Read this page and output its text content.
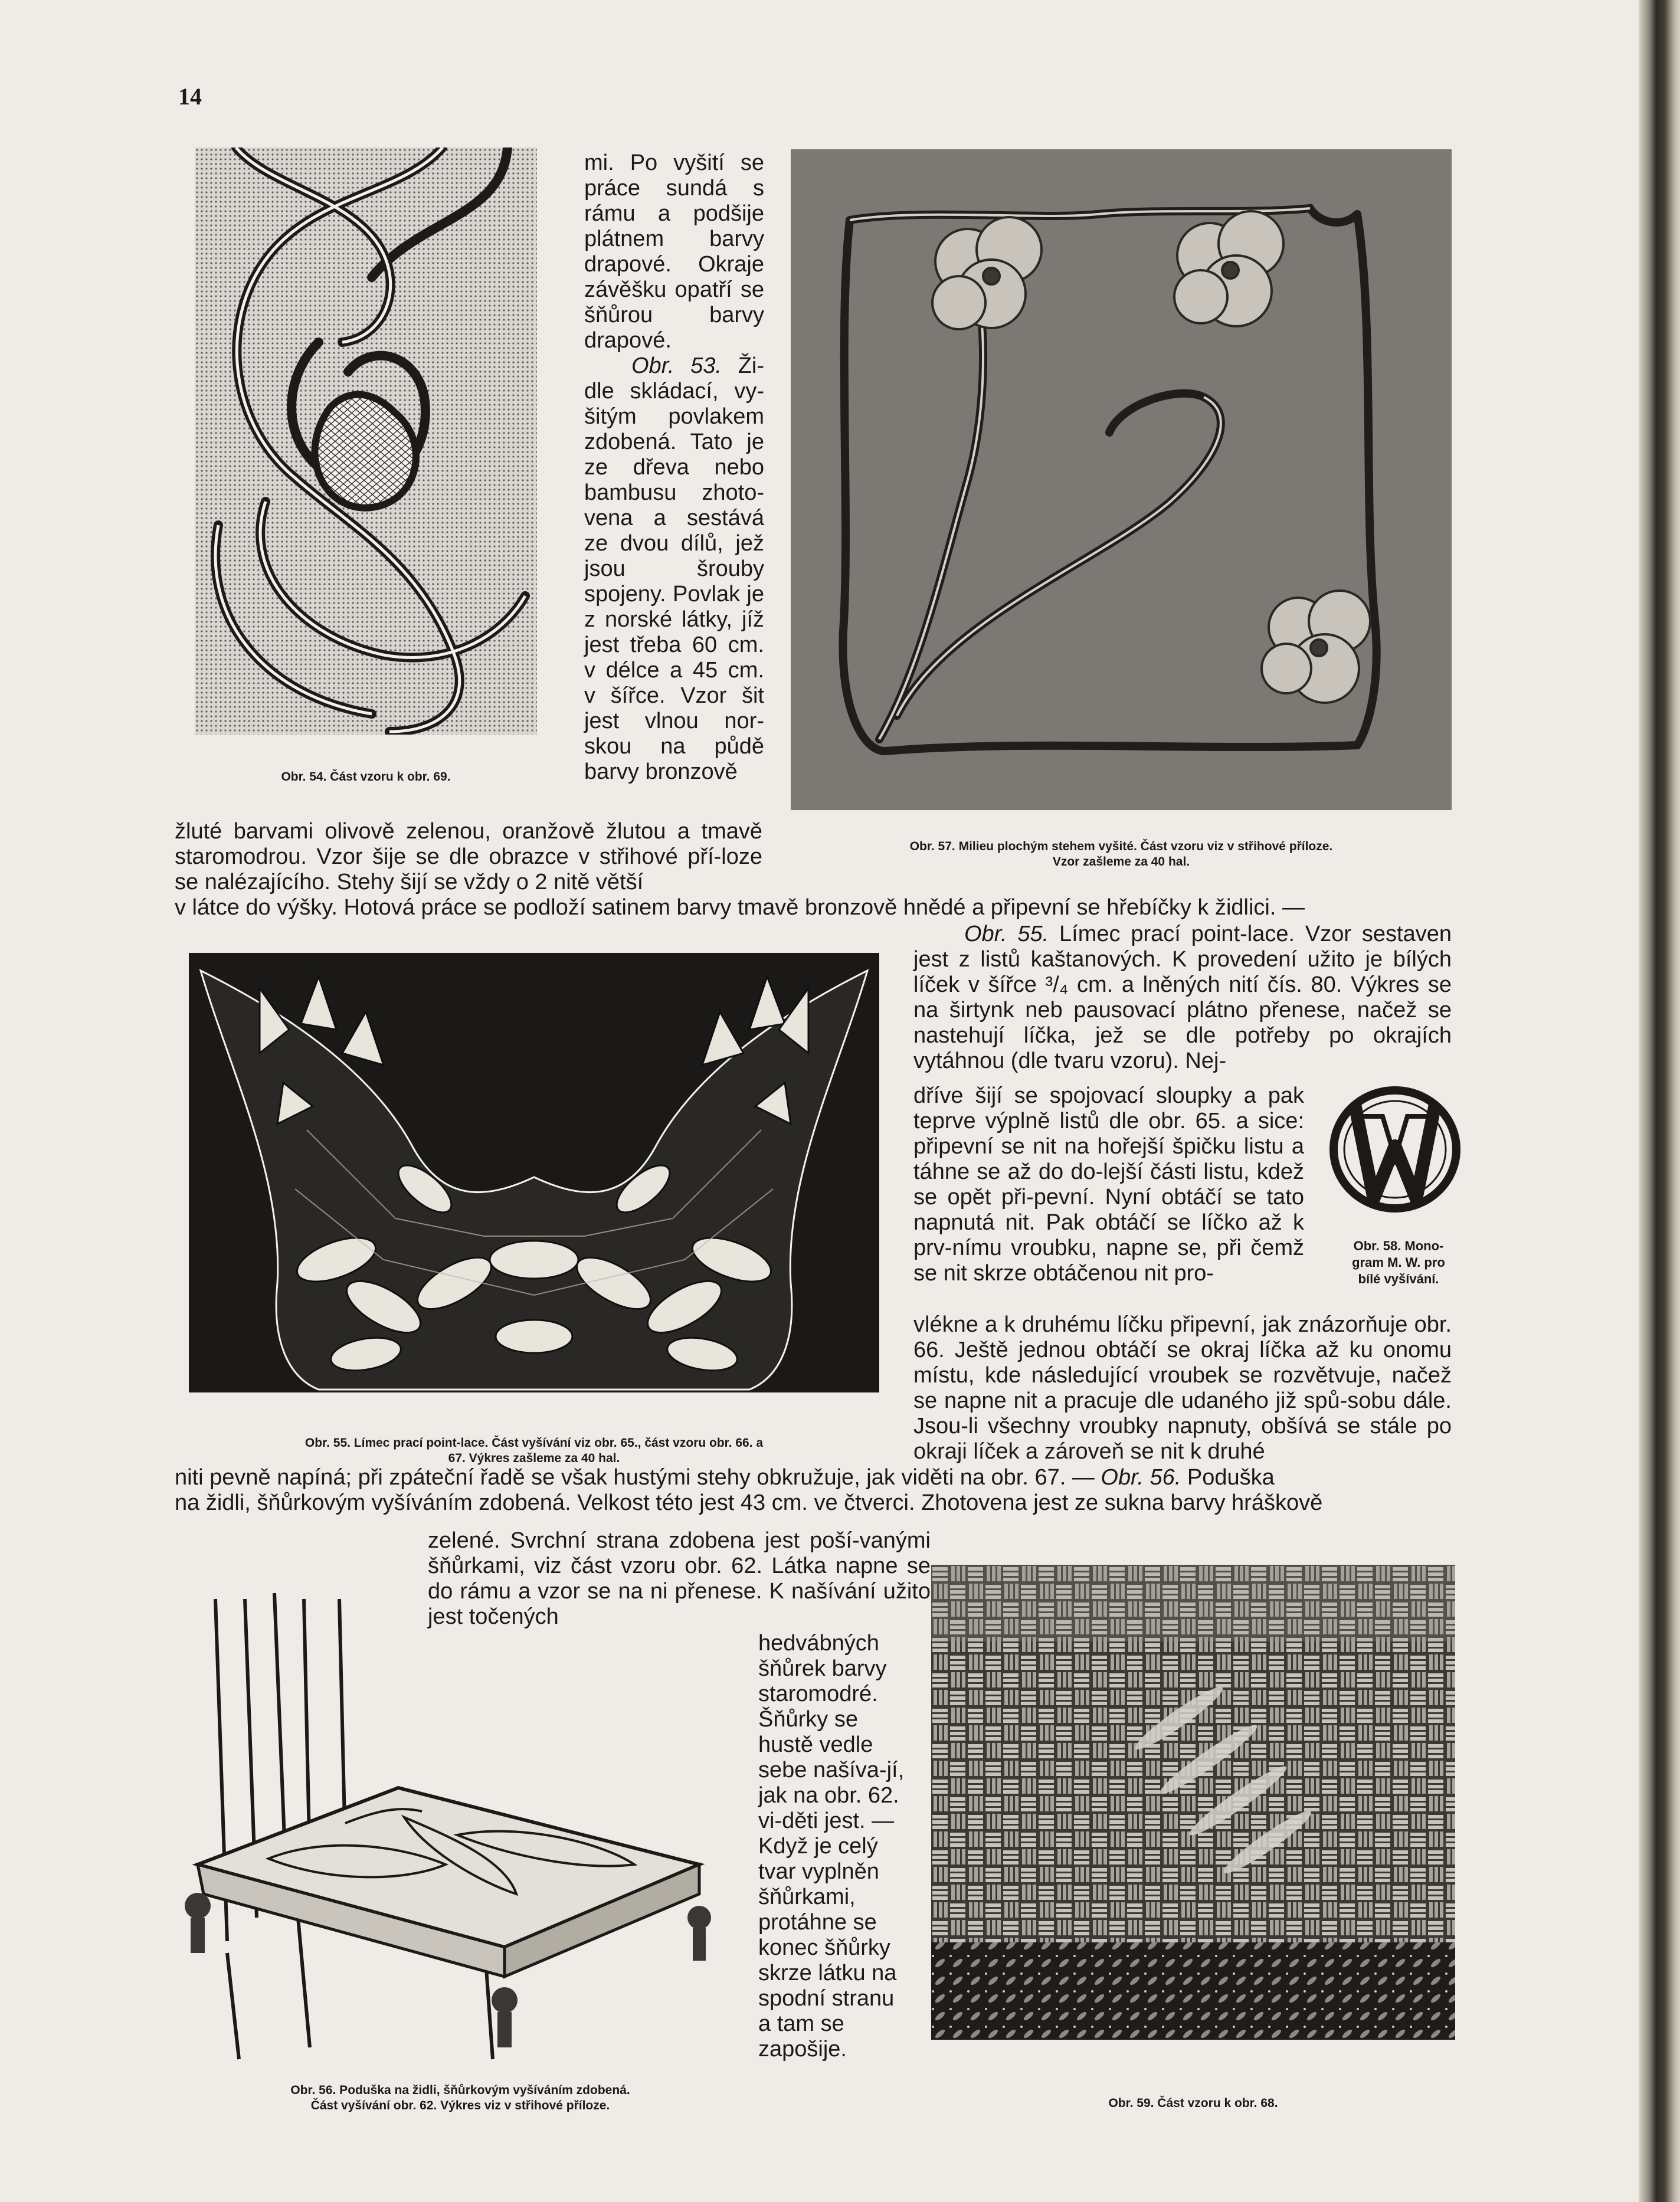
14
Obr. 54. Část vzoru k obr. 69.
Obr. 57. Milieu plochým stehem vyšité. Část vzoru viz v střihové příloze.
Vzor zašleme za 40 hal.
Obr. 55. Límec prací point-lace. Část vyšívání viz obr. 65., část vzoru obr. 66. a
67. Výkres zašleme za 40 hal.
Obr. 58. Mono-
gram M. W. pro
bílé vyšívání.
Obr. 56. Poduška na židli, šňůrkovým vyšíváním zdobená.
Část vyšívání obr. 62. Výkres viz v střihové příloze.	Obr. 59. Část vzoru k obr. 68.
mi. Po vyšití se práce sundá s rámu a podšije plátnem barvy drapové. Okraje závěšku opatří se šňůrou barvy drapové.
Obr. 53. Ži-dle skládací, vy-šitým povlakem zdobená. Tato je ze dřeva nebo bambusu zhoto-vena a sestává ze dvou dílů, jež jsou šrouby spojeny. Povlak je z norské látky, jíž jest třeba 60 cm. v délce a 45 cm. v šířce. Vzor šit jest vlnou nor-skou na půdě barvy bronzově
žluté barvami olivově zelenou, oranžově žlutou a tmavě staromodrou. Vzor šije se dle obrazce v střihové pří-loze se nalézajícího. Stehy šijí se vždy o 2 nitě větší
v látce do výšky. Hotová práce se podloží satinem barvy tmavě bronzově hnědé a připevní se hřebíčky k židlici. —
Obr. 55. Límec prací point-lace. Vzor sestaven jest z listů kaštanových. K provedení užito je bílých líček v šířce ³/₄ cm. a lněných nití čís. 80. Výkres se na širtynk neb pausovací plátno přenese, načež se nastehují líčka, jež se dle potřeby po okrajích vytáhnou (dle tvaru vzoru). Nej-
dříve šijí se spojovací sloupky a pak teprve výplně listů dle obr. 65. a sice: připevní se nit na hořejší špičku listu a táhne se až do do-lejší části listu, kdež se opět při-pevní. Nyní obtáčí se tato napnutá nit. Pak obtáčí se líčko až k prv-nímu vroubku, napne se, při čemž se nit skrze obtáčenou nit pro-
vlékne a k druhému líčku připevní, jak znázorňuje obr. 66. Ještě jednou obtáčí se okraj líčka až ku onomu místu, kde následující vroubek se rozvětvuje, načež se napne nit a pracuje dle udaného již spů-sobu dále. Jsou-li všechny vroubky napnuty, obšívá se stále po okraji líček a zároveň se nit k druhé
niti pevně napíná; při zpáteční řadě se však hustými stehy obkružuje, jak viděti na obr. 67. — Obr. 56. Poduška
na židli, šňůrkovým vyšíváním zdobená. Velkost této jest 43 cm. ve čtverci. Zhotovena jest ze sukna barvy hráškově
zelené. Svrchní strana zdobena jest poší-vanými šňůrkami, viz část vzoru obr. 62. Látka napne se do rámu a vzor se na ni přenese. K našívání užito jest točených
hedvábných šňůrek barvy staromodré. Šňůrky se hustě vedle sebe našíva-jí, jak na obr. 62. vi-děti jest. — Když je celý tvar vyplněn šňůrkami, protáhne se konec šňůrky skrze látku na spodní stranu a tam se zapošije.
